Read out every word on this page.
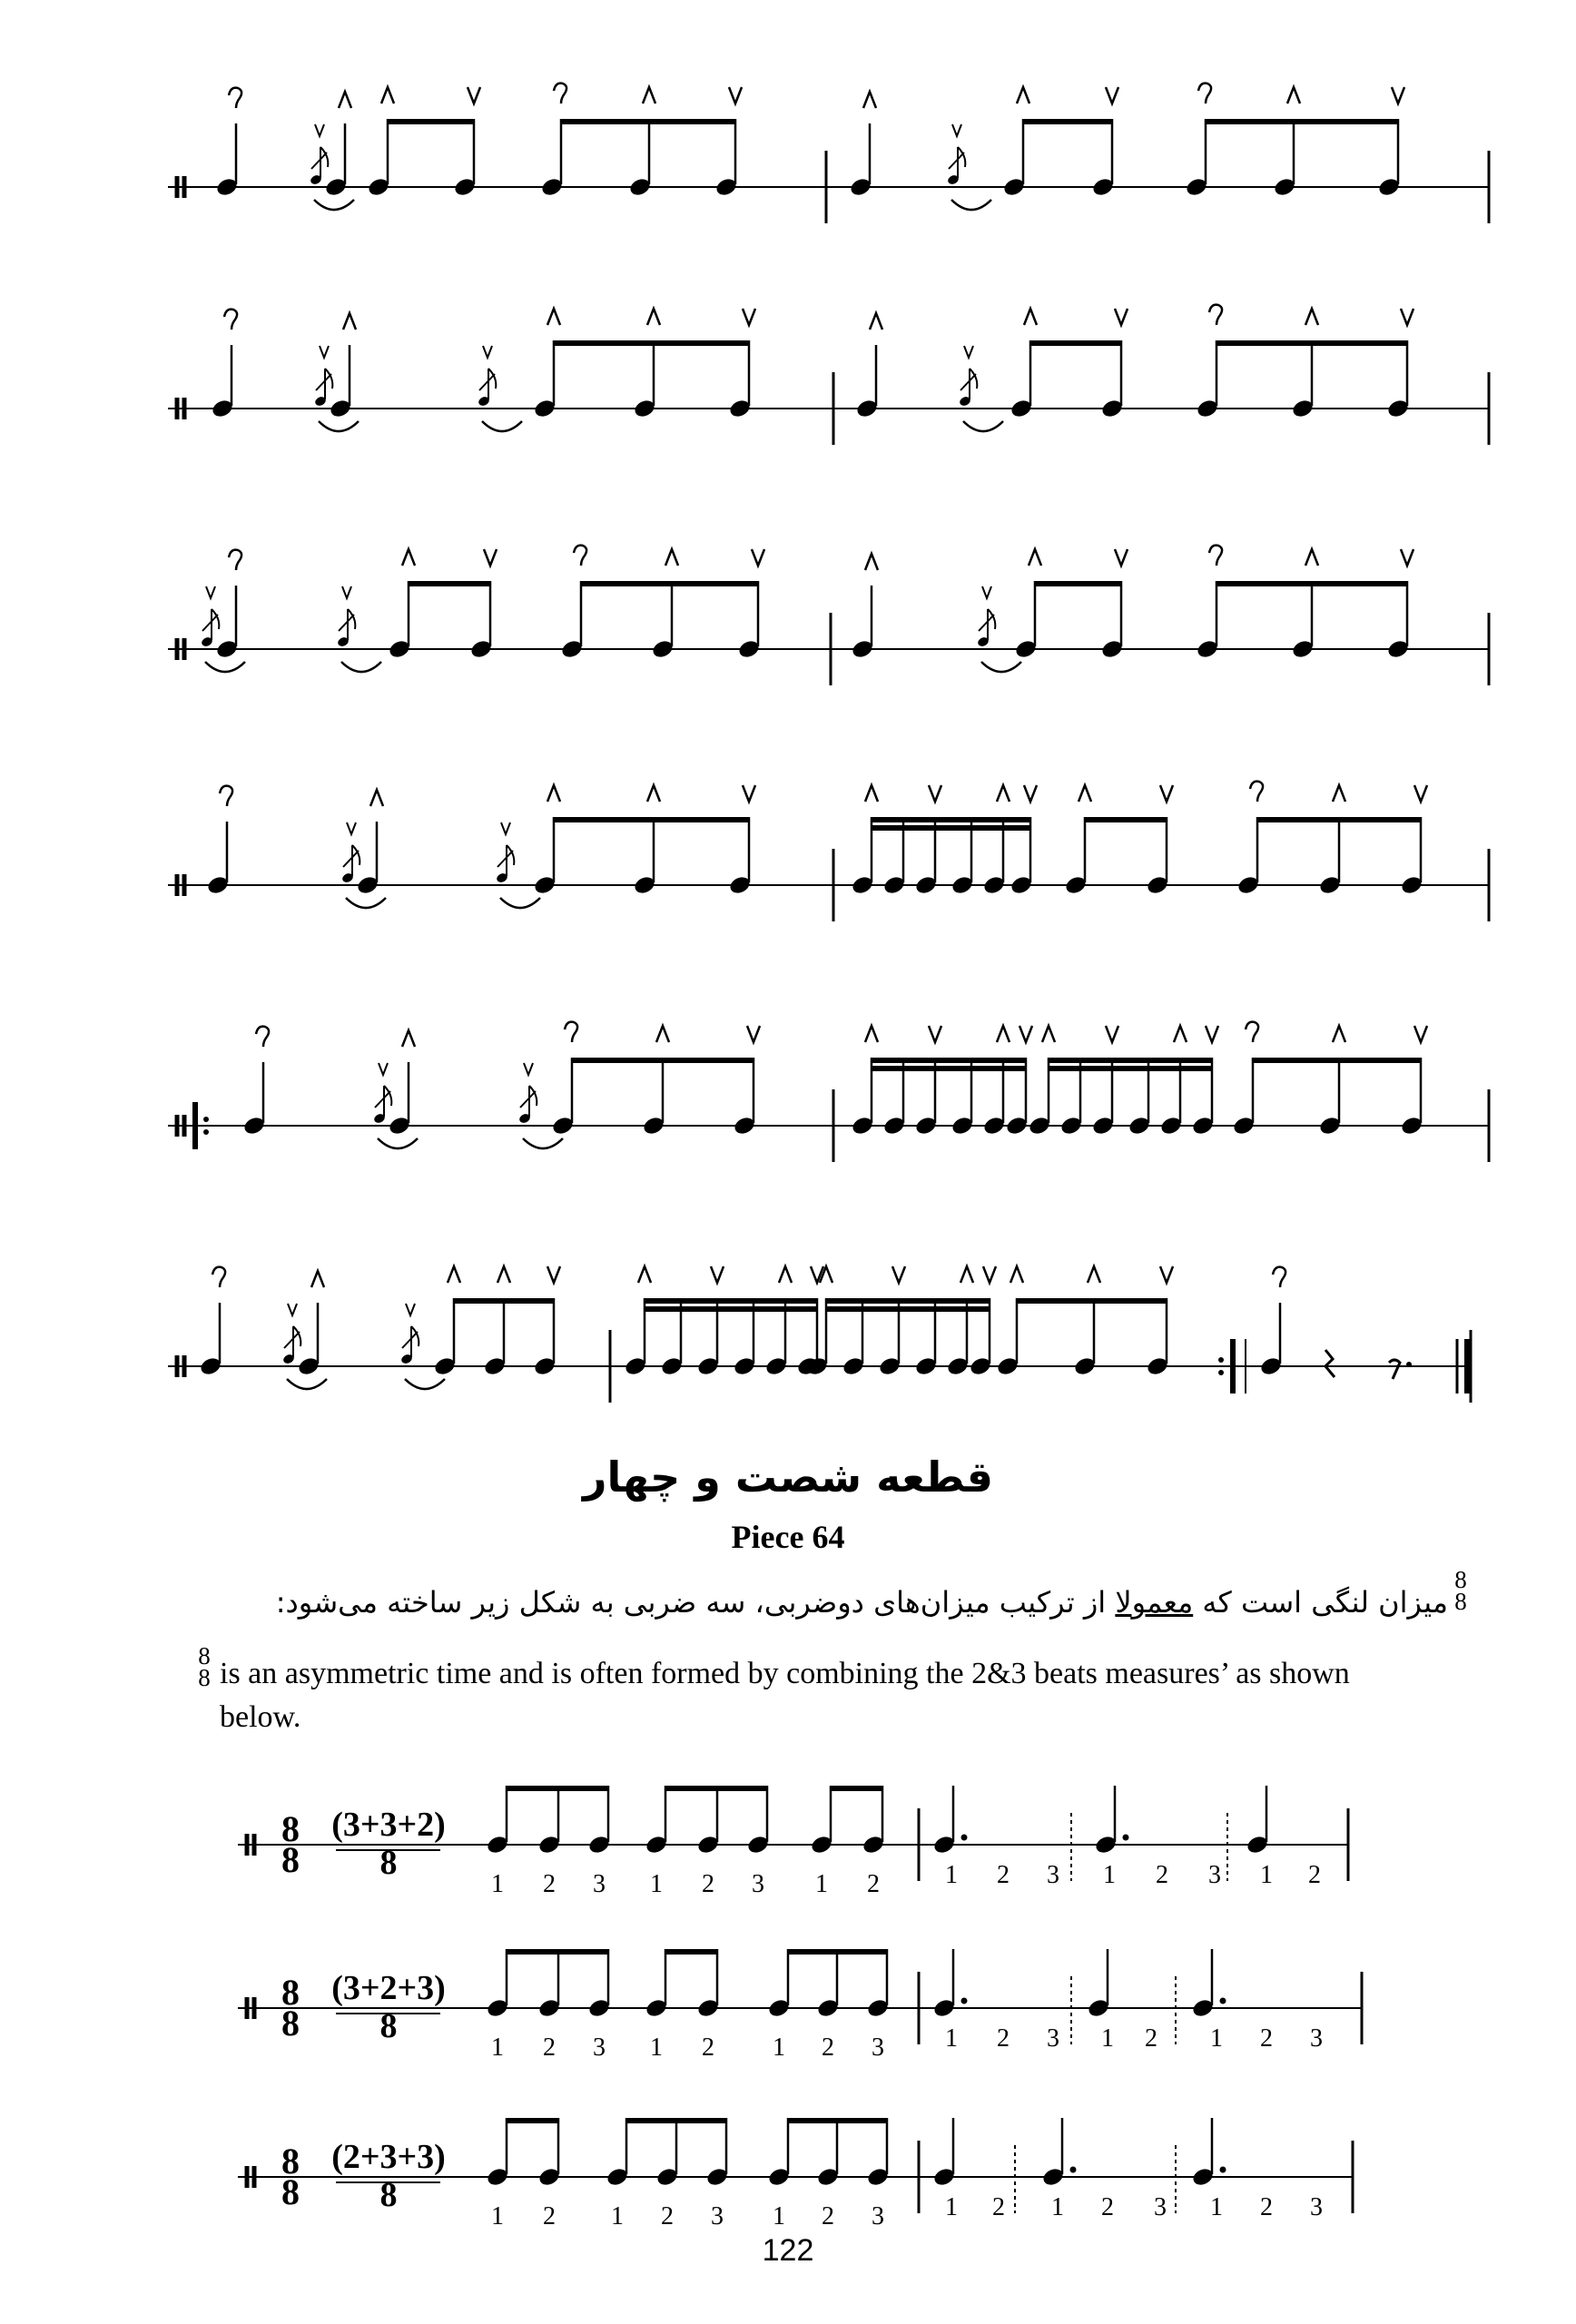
8
8
(3+3+2)
8
1 2 3 1 2 3 1 2	1 2 3 1 2 3 1 2
8
8
(3+2+3)
8
1 2 3 1 2 1 2 3 1 2 3 1 2 1 2 3
8
8
(2+3+3)
8
1 2 1 2 3 1 2 3 1 2 1 2 3 1 2 3
قطعه شصت و چهار
Piece 64
میزان لنگی است که معمولا از ترکیب میزان‌های دوضربی، سه ضربی به شکل زیر ساخته می‌شود:
8
8
8
8 is an asymmetric time and is often formed by combining the 2&3 beats measures’ as shown below.
122
